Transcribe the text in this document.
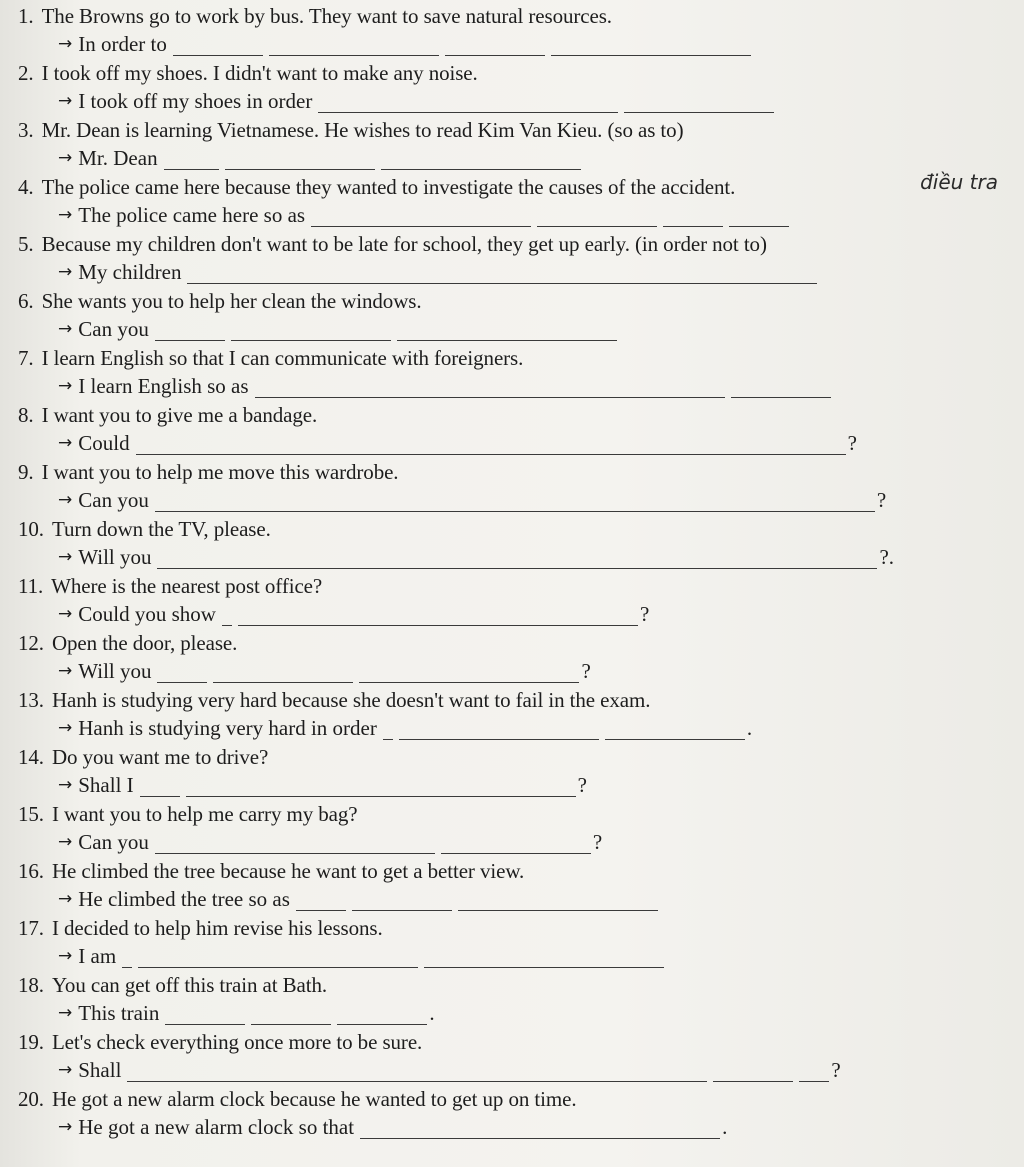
điều tra
1. The Browns go to work by bus. They want to save natural resources.
→ In order to
2. I took off my shoes. I didn't want to make any noise.
→ I took off my shoes in order
3. Mr. Dean is learning Vietnamese. He wishes to read Kim Van Kieu. (so as to)
→ Mr. Dean
4. The police came here because they wanted to investigate the causes of the accident.
→ The police came here so as
5. Because my children don't want to be late for school, they get up early. (in order not to)
→ My children
6. She wants you to help her clean the windows.
→ Can you
7. I learn English so that I can communicate with foreigners.
→ I learn English so as
8. I want you to give me a bandage.
→ Could	?
9. I want you to help me move this wardrobe.
→ Can you	?
10. Turn down the TV, please.
→ Will you	?.
11. Where is the nearest post office?
→ Could you show	?
12. Open the door, please.
→ Will you	?
13. Hanh is studying very hard because she doesn't want to fail in the exam.
→ Hanh is studying very hard in order	.
14. Do you want me to drive?
→ Shall I	?
15. I want you to help me carry my bag?
→ Can you	?
16. He climbed the tree because he want to get a better view.
→ He climbed the tree so as
17. I decided to help him revise his lessons.
→ I am
18. You can get off this train at Bath.
→ This train	.
19. Let's check everything once more to be sure.
→ Shall	?
20. He got a new alarm clock because he wanted to get up on time.
→ He got a new alarm clock so that	.
